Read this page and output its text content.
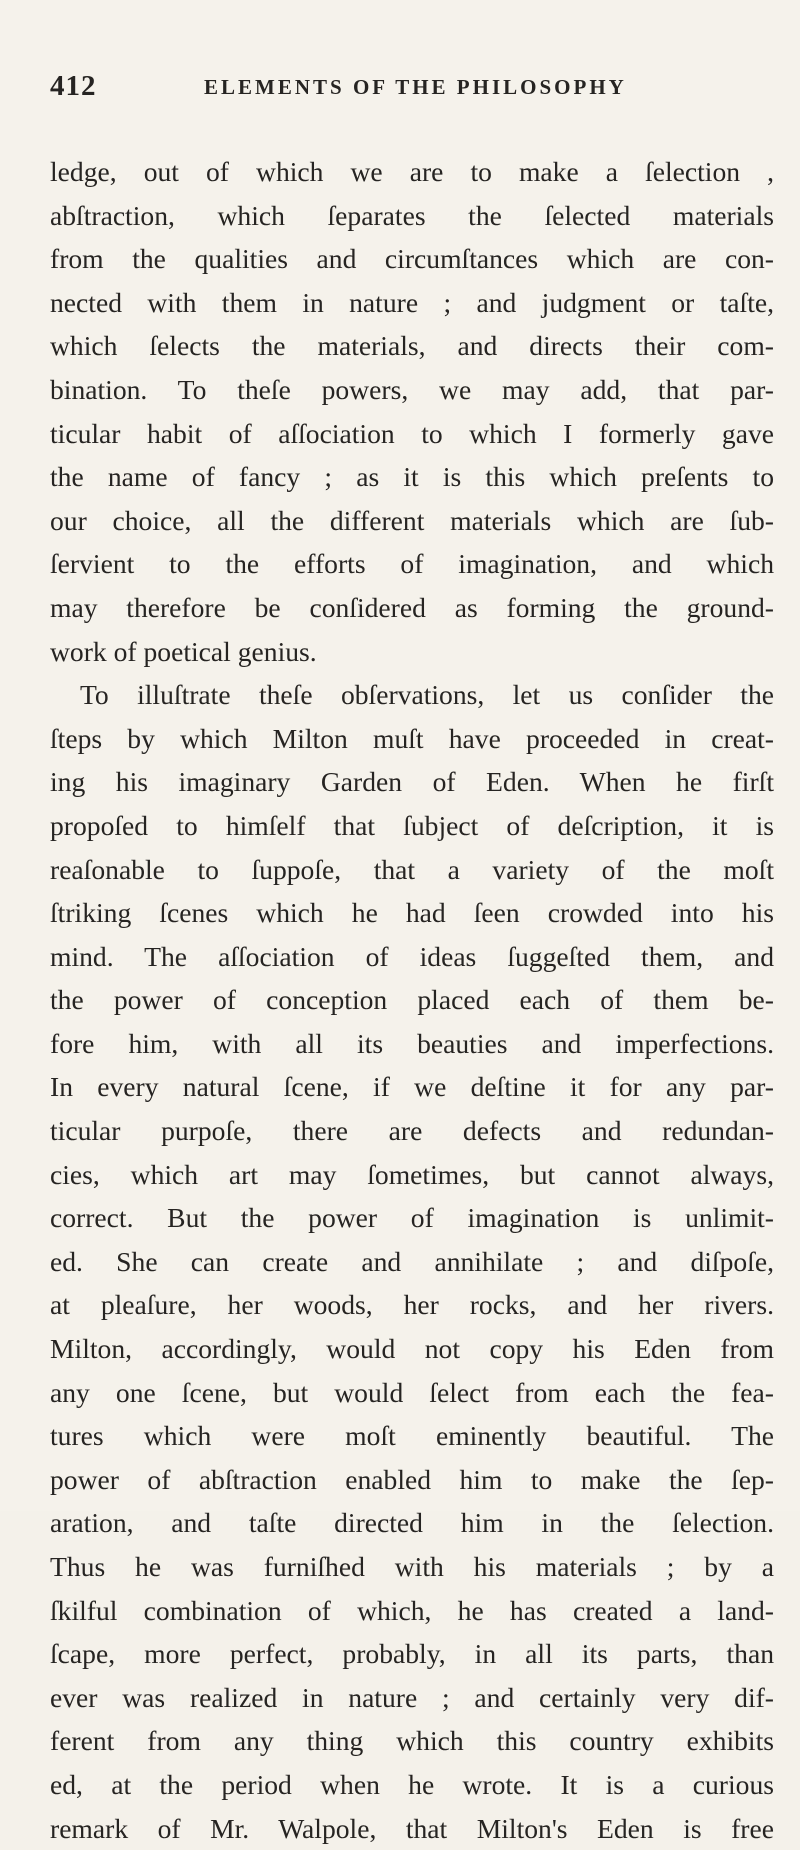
412	ELEMENTS OF THE PHILOSOPHY
ledge, out of which we are to make a ſelection ,
abſtraction, which ſeparates the ſelected materials
from the qualities and circumſtances which are con-
nected with them in nature ; and judgment or taſte,
which ſelects the materials, and directs their com-
bination. To theſe powers, we may add, that par-
ticular habit of aſſociation to which I formerly gave
the name of fancy ; as it is this which preſents to
our choice, all the different materials which are ſub-
ſervient to the efforts of imagination, and which
may therefore be conſidered as forming the ground-
work of poetical genius.
To illuſtrate theſe obſervations, let us conſider the
ſteps by which Milton muſt have proceeded in creat-
ing his imaginary Garden of Eden. When he firſt
propoſed to himſelf that ſubject of deſcription, it is
reaſonable to ſuppoſe, that a variety of the moſt
ſtriking ſcenes which he had ſeen crowded into his
mind. The aſſociation of ideas ſuggeſted them, and
the power of conception placed each of them be-
fore him, with all its beauties and imperfections.
In every natural ſcene, if we deſtine it for any par-
ticular purpoſe, there are defects and redundan-
cies, which art may ſometimes, but cannot always,
correct. But the power of imagination is unlimit-
ed. She can create and annihilate ; and diſpoſe,
at pleaſure, her woods, her rocks, and her rivers.
Milton, accordingly, would not copy his Eden from
any one ſcene, but would ſelect from each the fea-
tures which were moſt eminently beautiful. The
power of abſtraction enabled him to make the ſep-
aration, and taſte directed him in the ſelection.
Thus he was furniſhed with his materials ; by a
ſkilful combination of which, he has created a land-
ſcape, more perfect, probably, in all its parts, than
ever was realized in nature ; and certainly very dif-
ferent from any thing which this country exhibits
ed, at the period when he wrote. It is a curious
remark of Mr. Walpole, that Milton's Eden is free
